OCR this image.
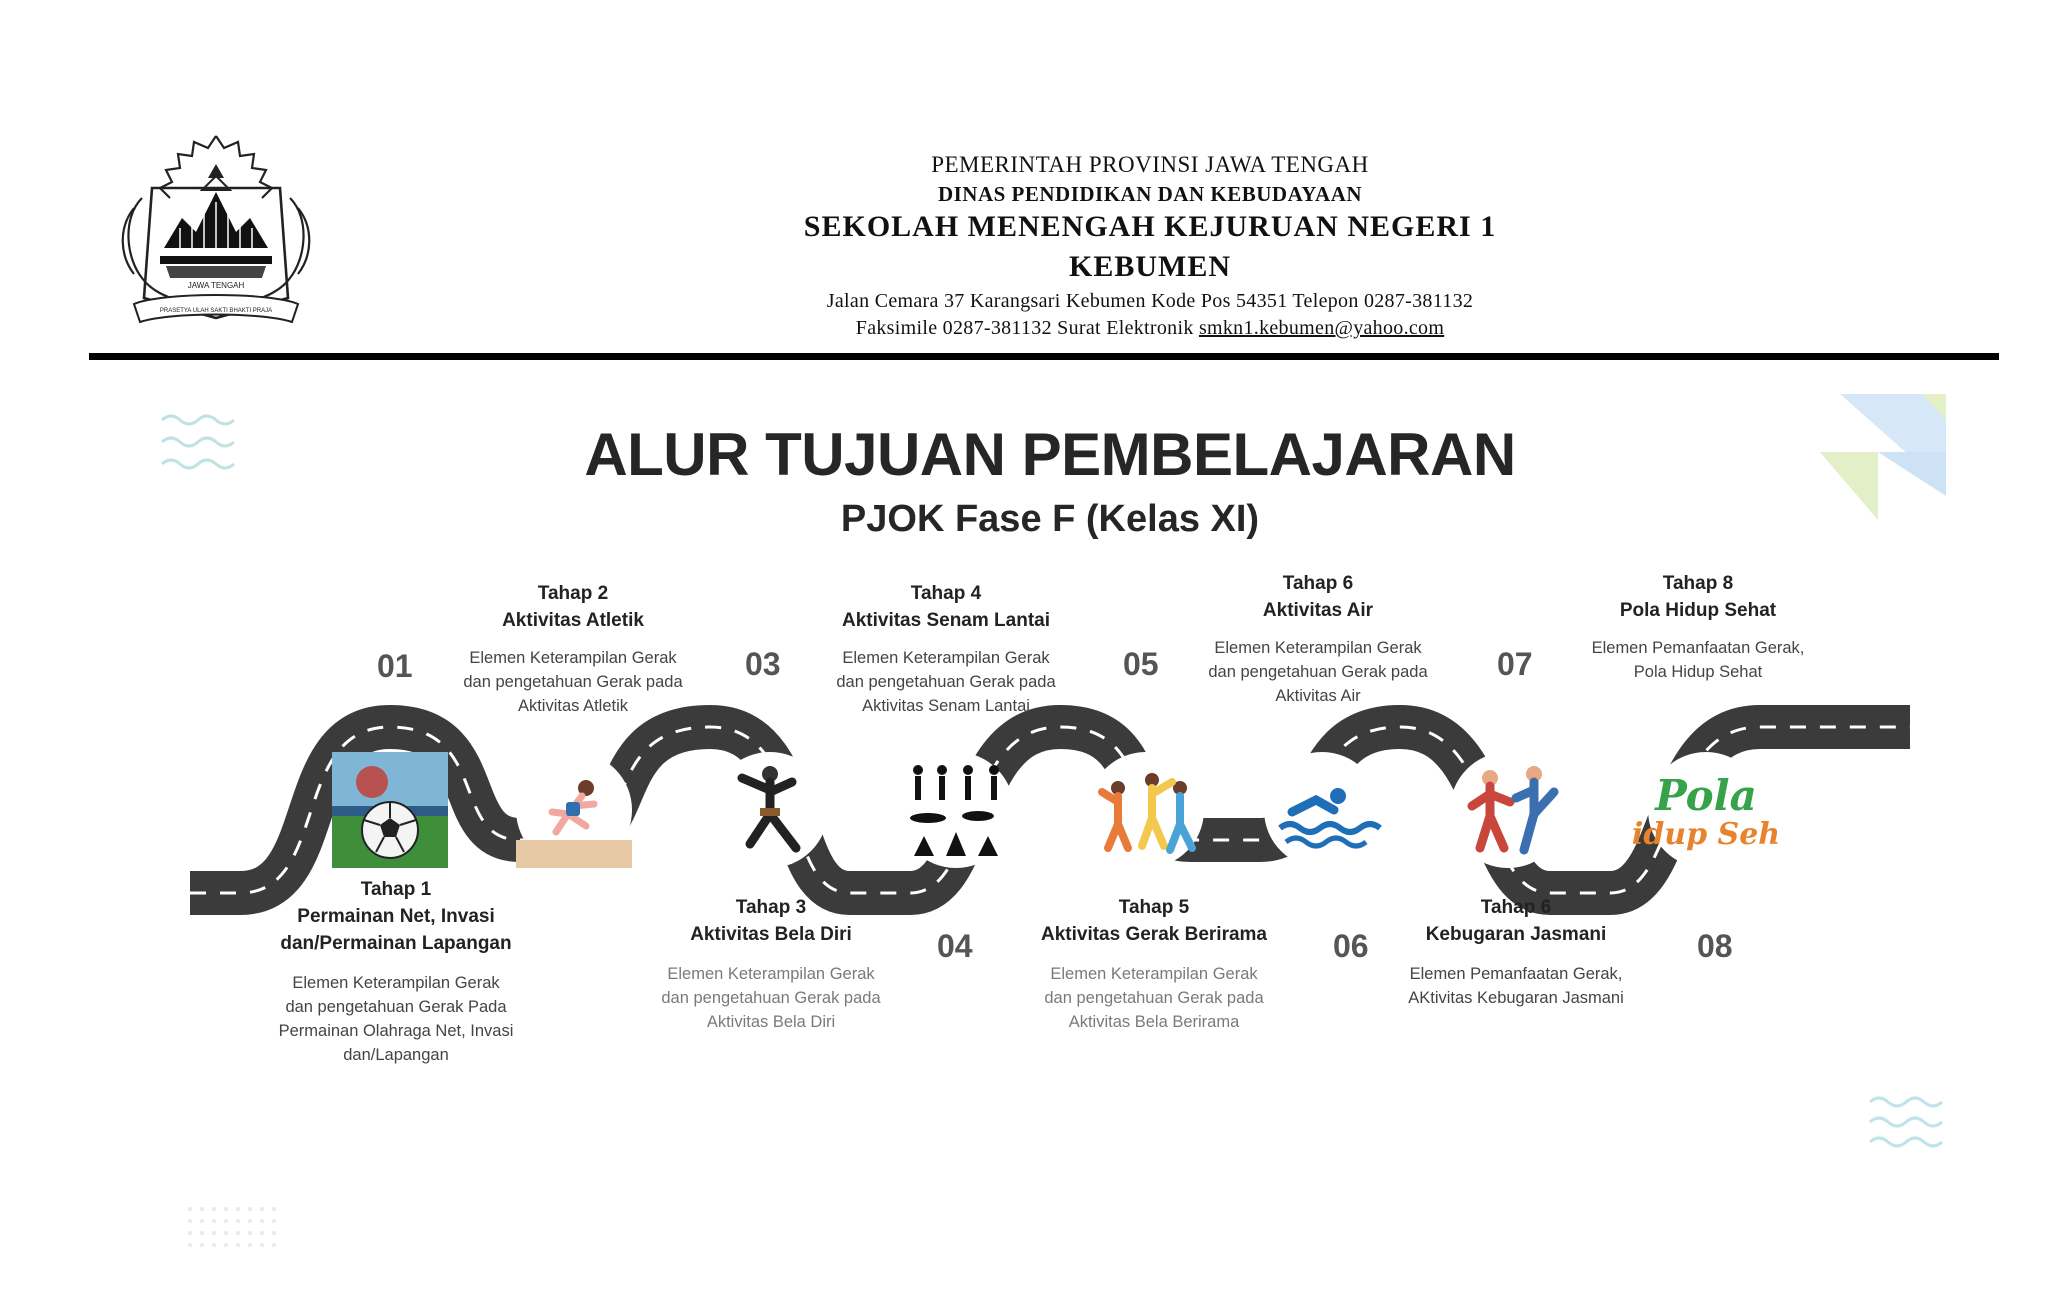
JAWA TENGAH
PRASETYA ULAH SAKTI BHAKTI PRAJA
PEMERINTAH PROVINSI JAWA TENGAH
DINAS PENDIDIKAN DAN KEBUDAYAAN
SEKOLAH MENENGAH KEJURUAN NEGERI 1
KEBUMEN
Jalan Cemara 37 Karangsari Kebumen Kode Pos 54351 Telepon 0287-381132
Faksimile 0287-381132 Surat Elektronik smkn1.kebumen@yahoo.com
ALUR TUJUAN PEMBELAJARAN
PJOK Fase F (Kelas XI)
01	03
04
05
06
07
08
Pola
idup Seh
Tahap 1
Permainan Net, Invasi
dan/Permainan Lapangan
Elemen Keterampilan Gerak
dan pengetahuan Gerak Pada
Permainan Olahraga Net, Invasi
dan/Lapangan
Tahap 2
Aktivitas Atletik
Elemen Keterampilan Gerak
dan pengetahuan Gerak pada
Aktivitas Atletik
Tahap 3
Aktivitas Bela Diri
Elemen Keterampilan Gerak
dan pengetahuan Gerak pada
Aktivitas Bela Diri
Tahap 4
Aktivitas Senam Lantai
Elemen Keterampilan Gerak
dan pengetahuan Gerak pada
Aktivitas Senam Lantai
Tahap 5
Aktivitas Gerak Berirama
Elemen Keterampilan Gerak
dan pengetahuan Gerak pada
Aktivitas Bela Berirama
Tahap 6
Aktivitas Air
Elemen Keterampilan Gerak
dan pengetahuan Gerak pada
Aktivitas Air
Tahap 6
Kebugaran Jasmani
Elemen Pemanfaatan Gerak,
AKtivitas Kebugaran Jasmani
Tahap 8
Pola Hidup Sehat
Elemen Pemanfaatan Gerak,
Pola Hidup Sehat
